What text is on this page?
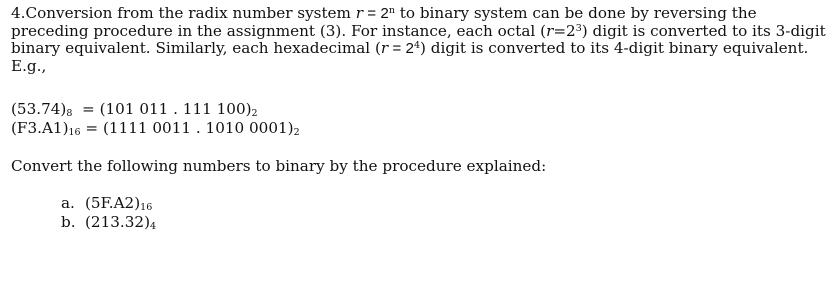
4.Conversion from the radix number system $r = 2^n$ to binary system can be done by reversing the

preceding procedure in the assignment (3). For instance, each octal $(r=2^3)$ digit is converted to its 3-digit

binary equivalent. Similarly, each hexadecimal $(r = 2^4)$ digit is converted to its 4-digit binary equivalent.

E.g.,

$(53.74)_8 = (101$ 011 . 111 $100)_2$
$(F3.A1)_{16} = (1111$ 0011 . 1010 $0001)_2$
Convert the following numbers to binary by the procedure explained:
a. $(5F.A2)_{16}$
b. $(213.32)_4$
